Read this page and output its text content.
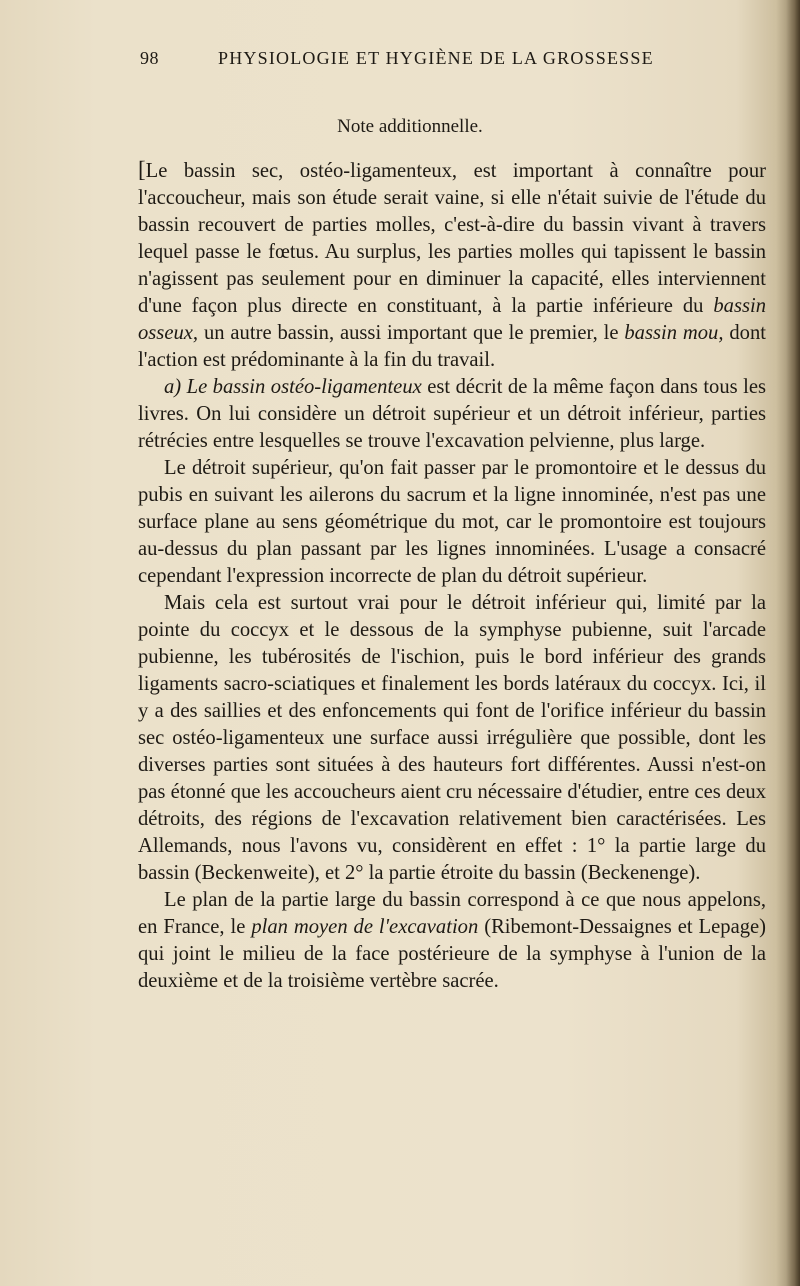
98	PHYSIOLOGIE ET HYGIÈNE DE LA GROSSESSE
Note additionnelle.

[Le bassin sec, ostéo-ligamenteux, est important à connaître pour l'accoucheur, mais son étude serait vaine, si elle n'était suivie de l'étude du bassin recouvert de parties molles, c'est-à-dire du bassin vivant à travers lequel passe le fœtus. Au surplus, les parties molles qui tapissent le bassin n'agissent pas seulement pour en diminuer la capacité, elles interviennent d'une façon plus directe en constituant, à la partie inférieure du bassin osseux, un autre bassin, aussi important que le premier, le bassin mou, dont l'action est prédominante à la fin du travail.

a) Le bassin ostéo-ligamenteux est décrit de la même façon dans tous les livres. On lui considère un détroit supérieur et un détroit inférieur, parties rétrécies entre lesquelles se trouve l'excavation pelvienne, plus large.

Le détroit supérieur, qu'on fait passer par le promontoire et le dessus du pubis en suivant les ailerons du sacrum et la ligne innominée, n'est pas une surface plane au sens géométrique du mot, car le promontoire est toujours au-dessus du plan passant par les lignes innominées. L'usage a consacré cependant l'expression incorrecte de plan du détroit supérieur.

Mais cela est surtout vrai pour le détroit inférieur qui, limité par la pointe du coccyx et le dessous de la symphyse pubienne, suit l'arcade pubienne, les tubérosités de l'ischion, puis le bord inférieur des grands ligaments sacro-sciatiques et finalement les bords latéraux du coccyx. Ici, il y a des saillies et des enfoncements qui font de l'orifice inférieur du bassin sec ostéo-ligamenteux une surface aussi irrégulière que possible, dont les diverses parties sont situées à des hauteurs fort différentes. Aussi n'est-on pas étonné que les accoucheurs aient cru nécessaire d'étudier, entre ces deux détroits, des régions de l'excavation relativement bien caractérisées. Les Allemands, nous l'avons vu, considèrent en effet : 1° la partie large du bassin (Beckenweite), et 2° la partie étroite du bassin (Beckenenge).

Le plan de la partie large du bassin correspond à ce que nous appelons, en France, le plan moyen de l'excavation (Ribemont-Dessaignes et Lepage) qui joint le milieu de la face postérieure de la symphyse à l'union de la deuxième et de la troisième vertèbre sacrée.
